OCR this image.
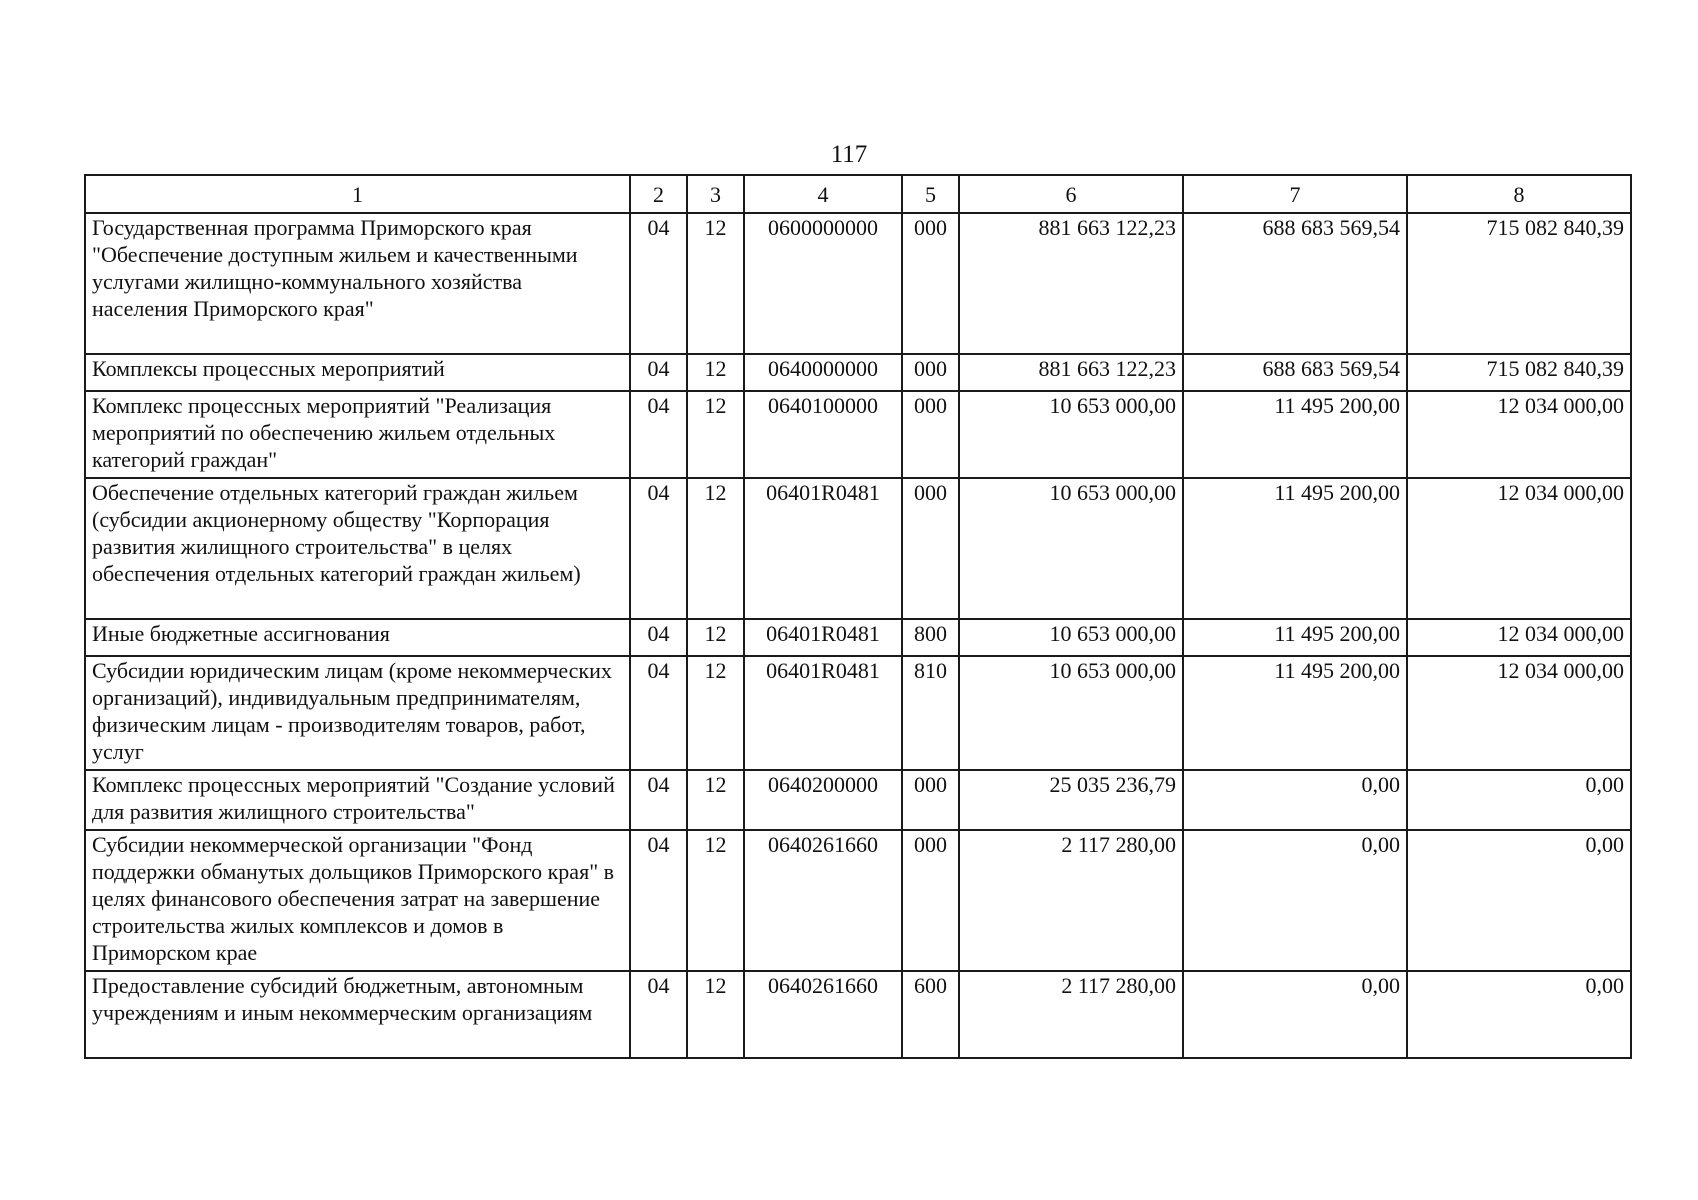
117
1	2	3	4	5	6	7	8
Государственная программа Приморского края "Обеспечение доступным жильем и качественными услугами жилищно-коммунального хозяйства населения Приморского края"	04	12	0600000000	000	881 663 122,23	688 683 569,54	715 082 840,39
Комплексы процессных мероприятий	04	12	0640000000	000	881 663 122,23	688 683 569,54	715 082 840,39
Комплекс процессных мероприятий "Реализация мероприятий по обеспечению жильем отдельных категорий граждан"	04	12	0640100000	000	10 653 000,00	11 495 200,00	12 034 000,00
Обеспечение отдельных категорий граждан жильем (субсидии акционерному обществу "Корпорация развития жилищного строительства" в целях обеспечения отдельных категорий граждан жильем)	04	12	06401R0481	000	10 653 000,00	11 495 200,00	12 034 000,00
Иные бюджетные ассигнования	04	12	06401R0481	800	10 653 000,00	11 495 200,00	12 034 000,00
Субсидии юридическим лицам (кроме некоммерческих организаций), индивидуальным предпринимателям, физическим лицам - производителям товаров, работ, услуг	04	12	06401R0481	810	10 653 000,00	11 495 200,00	12 034 000,00
Комплекс процессных мероприятий "Создание условий для развития жилищного строительства"	04	12	0640200000	000	25 035 236,79	0,00	0,00
Субсидии некоммерческой организации "Фонд поддержки обманутых дольщиков Приморского края" в целях финансового обеспечения затрат на завершение строительства жилых комплексов и домов в Приморском крае	04	12	0640261660	000	2 117 280,00	0,00	0,00
Предоставление субсидий бюджетным, автономным учреждениям и иным некоммерческим организациям	04	12	0640261660	600	2 117 280,00	0,00	0,00
